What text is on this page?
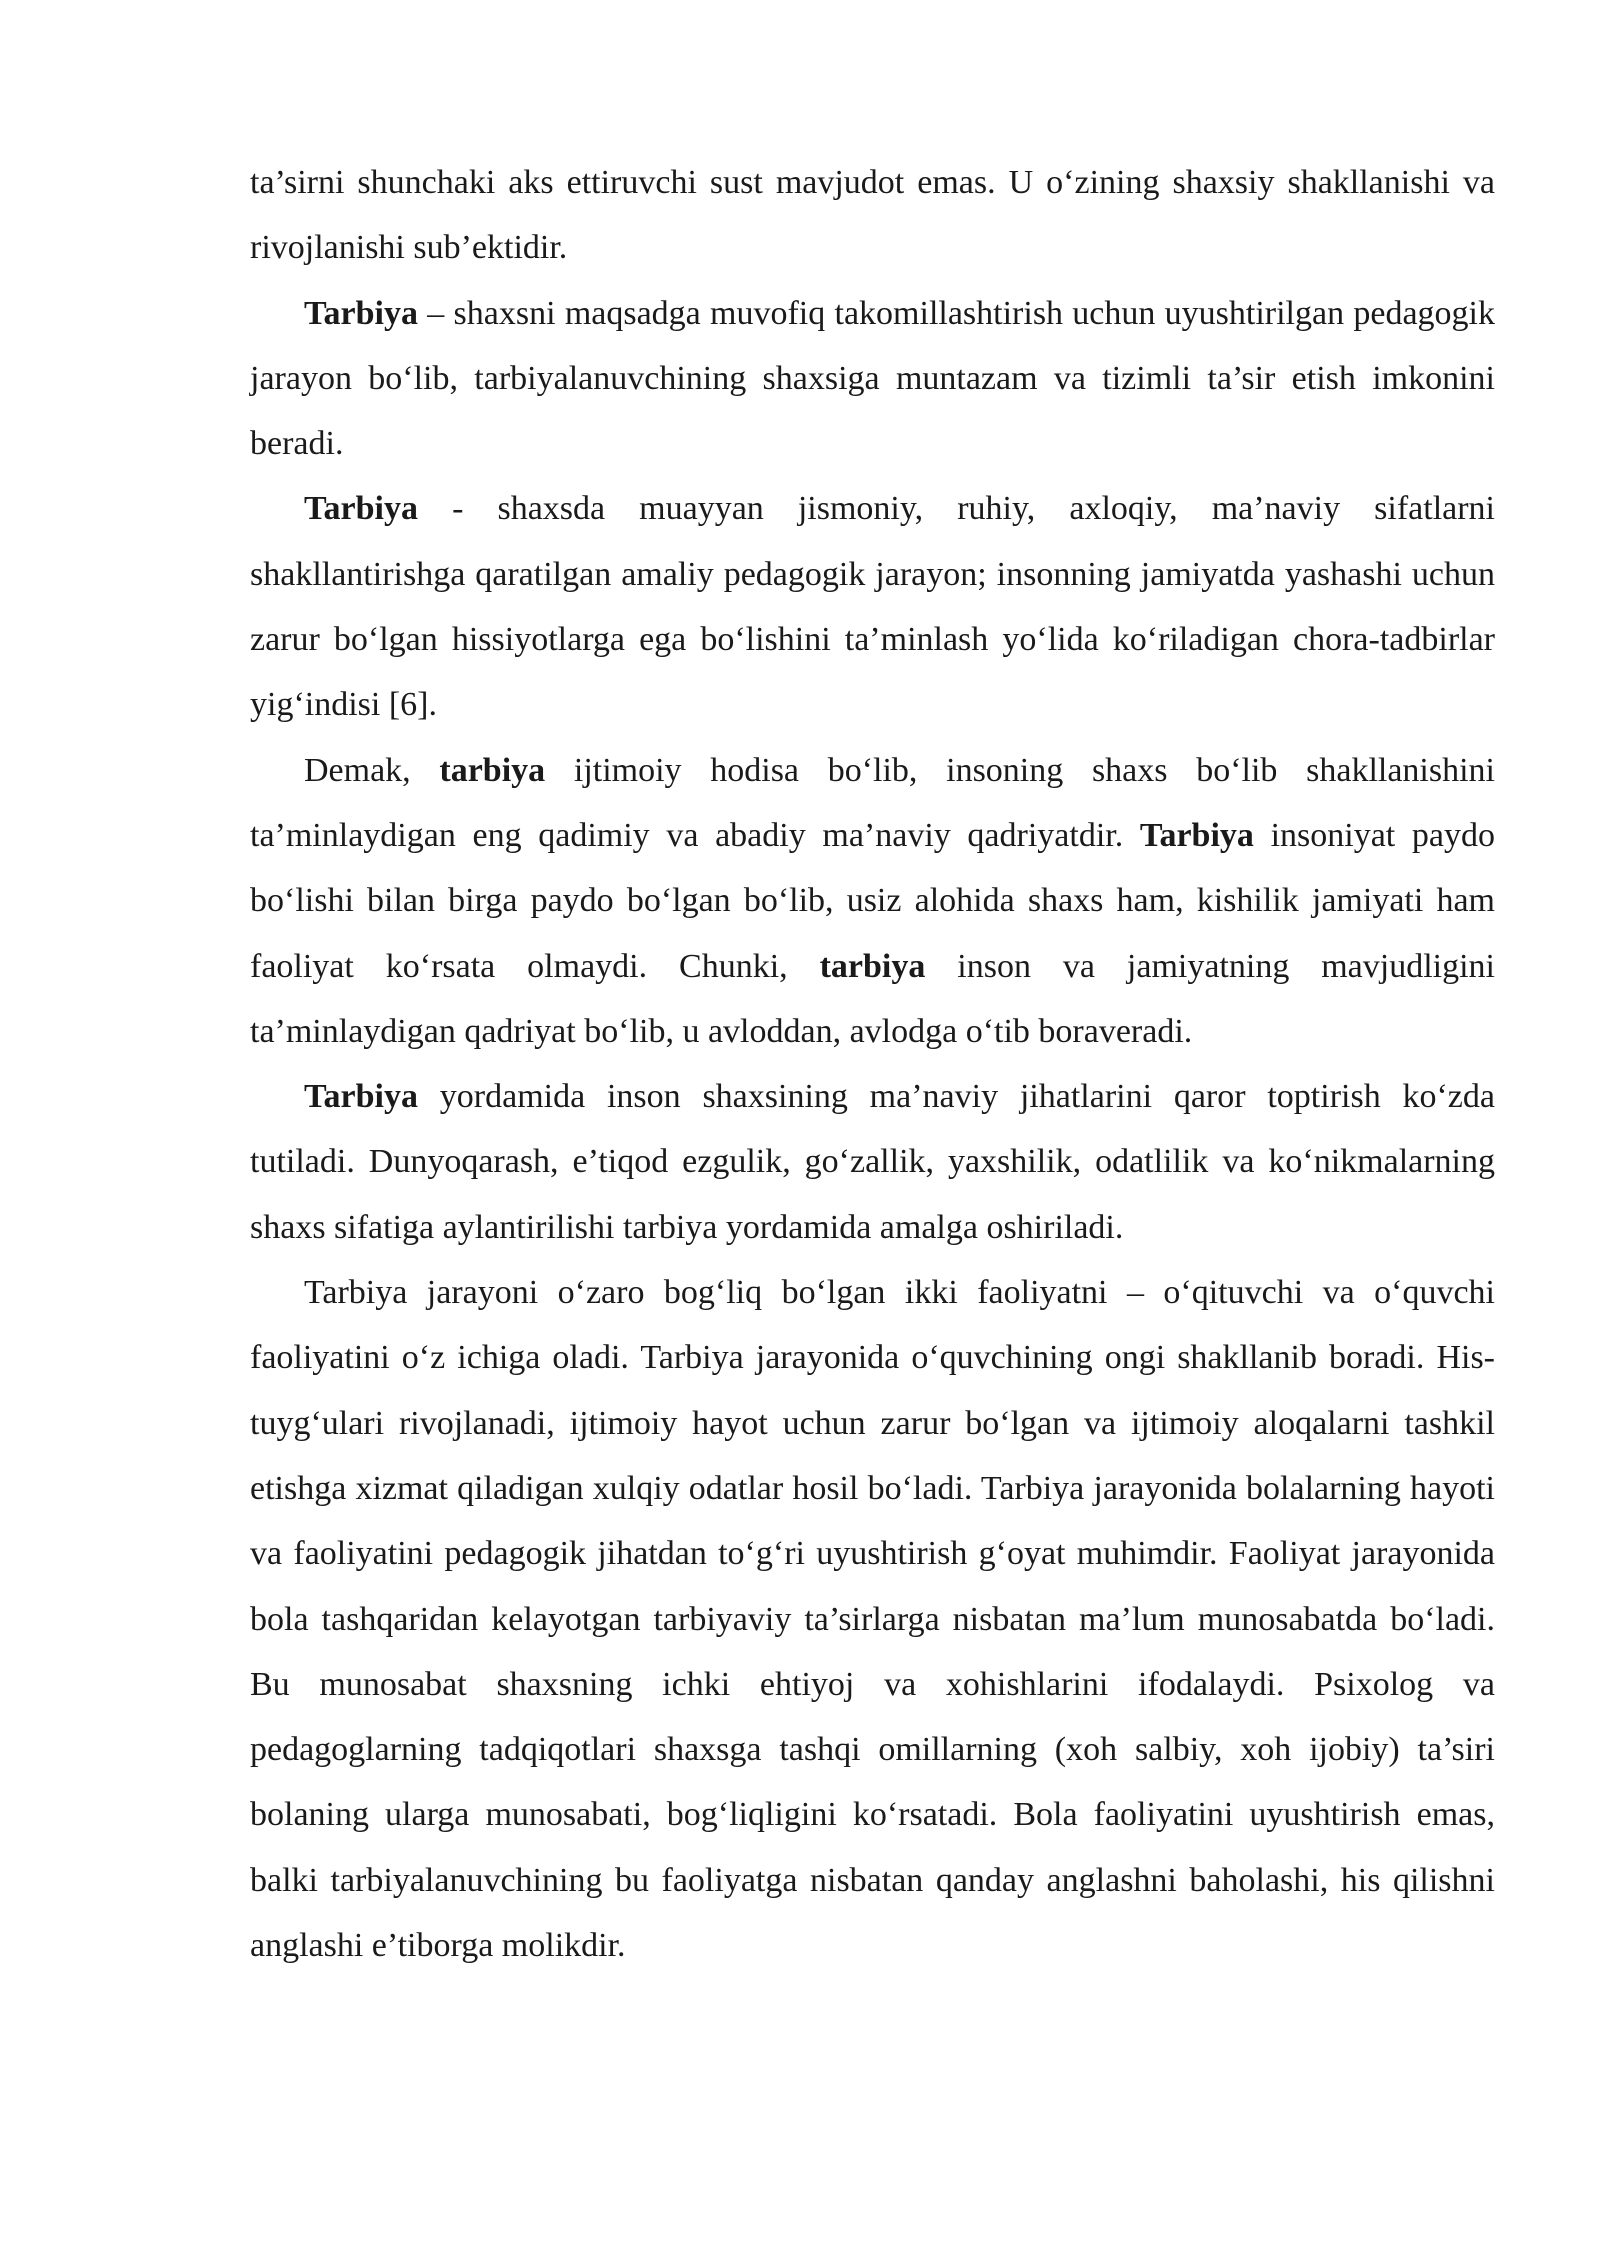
ta’sirni shunchaki aks ettiruvchi sust mavjudot emas. U o‘zining shaxsiy shakllanishi va rivojlanishi sub’ektidir.

Tarbiya – shaxsni maqsadga muvofiq takomillashtirish uchun uyushtirilgan pedagogik jarayon bo‘lib, tarbiyalanuvchining shaxsiga muntazam va tizimli ta’sir etish imkonini beradi.

Tarbiya - shaxsda muayyan jismoniy, ruhiy, axloqiy, ma’naviy sifatlarni shakllantirishga qaratilgan amaliy pedagogik jarayon; insonning jamiyatda yashashi uchun zarur bo‘lgan hissiyotlarga ega bo‘lishini ta’minlash yo‘lida ko‘riladigan chora-tadbirlar yig‘indisi [6].

Demak, tarbiya ijtimoiy hodisa bo‘lib, insoning shaxs bo‘lib shakllanishini ta’minlaydigan eng qadimiy va abadiy ma’naviy qadriyatdir. Tarbiya insoniyat paydo bo‘lishi bilan birga paydo bo‘lgan bo‘lib, usiz alohida shaxs ham, kishilik jamiyati ham faoliyat ko‘rsata olmaydi. Chunki, tarbiya inson va jamiyatning mavjudligini ta’minlaydigan qadriyat bo‘lib, u avloddan, avlodga o‘tib boraveradi.

Tarbiya yordamida inson shaxsining ma’naviy jihatlarini qaror toptirish ko‘zda tutiladi. Dunyoqarash, e’tiqod ezgulik, go‘zallik, yaxshilik, odatlilik va ko‘nikmalarning shaxs sifatiga aylantirilishi tarbiya yordamida amalga oshiriladi.

Tarbiya jarayoni o‘zaro bog‘liq bo‘lgan ikki faoliyatni – o‘qituvchi va o‘quvchi faoliyatini o‘z ichiga oladi. Tarbiya jarayonida o‘quvchining ongi shakllanib boradi. His-tuyg‘ulari rivojlanadi, ijtimoiy hayot uchun zarur bo‘lgan va ijtimoiy aloqalarni tashkil etishga xizmat qiladigan xulqiy odatlar hosil bo‘ladi. Tarbiya jarayonida bolalarning hayoti va faoliyatini pedagogik jihatdan to‘g‘ri uyushtirish g‘oyat muhimdir. Faoliyat jarayonida bola tashqaridan kelayotgan tarbiyaviy ta’sirlarga nisbatan ma’lum munosabatda bo‘ladi. Bu munosabat shaxsning ichki ehtiyoj va xohishlarini ifodalaydi. Psixolog va pedagoglarning tadqiqotlari shaxsga tashqi omillarning (xoh salbiy, xoh ijobiy) ta’siri bolaning ularga munosabati, bog‘liqligini ko‘rsatadi. Bola faoliyatini uyushtirish emas, balki tarbiyalanuvchining bu faoliyatga nisbatan qanday anglashni baholashi, his qilishni anglashi e’tiborga molikdir.
